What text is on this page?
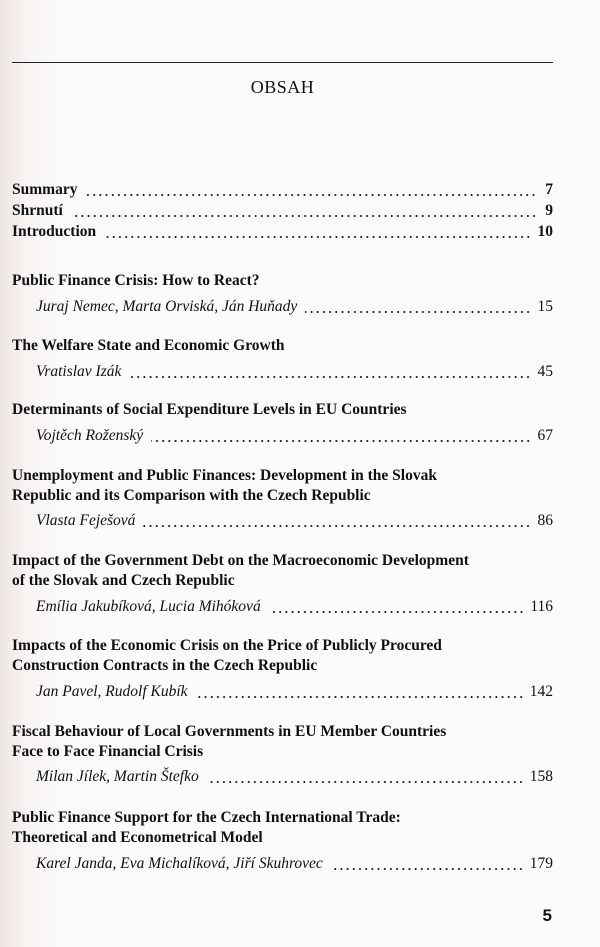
OBSAH
Summary	7
Shrnutí	9
Introduction	10
Public Finance Crisis: How to React?
Juraj Nemec, Marta Orviská, Ján Huňady	15
The Welfare State and Economic Growth
Vratislav Izák	45
Determinants of Social Expenditure Levels in EU Countries
Vojtěch Roženský	67
Unemployment and Public Finances: Development in the Slovak
Republic and its Comparison with the Czech Republic
Vlasta Feješová	86
Impact of the Government Debt on the Macroeconomic Development
of the Slovak and Czech Republic
Emília Jakubíková, Lucia Mihóková	116
Impacts of the Economic Crisis on the Price of Publicly Procured
Construction Contracts in the Czech Republic
Jan Pavel, Rudolf Kubík	142
Fiscal Behaviour of Local Governments in EU Member Countries
Face to Face Financial Crisis
Milan Jílek, Martin Štefko	158
Public Finance Support for the Czech International Trade:
Theoretical and Econometrical Model
Karel Janda, Eva Michalíková, Jiří Skuhrovec	179
5
